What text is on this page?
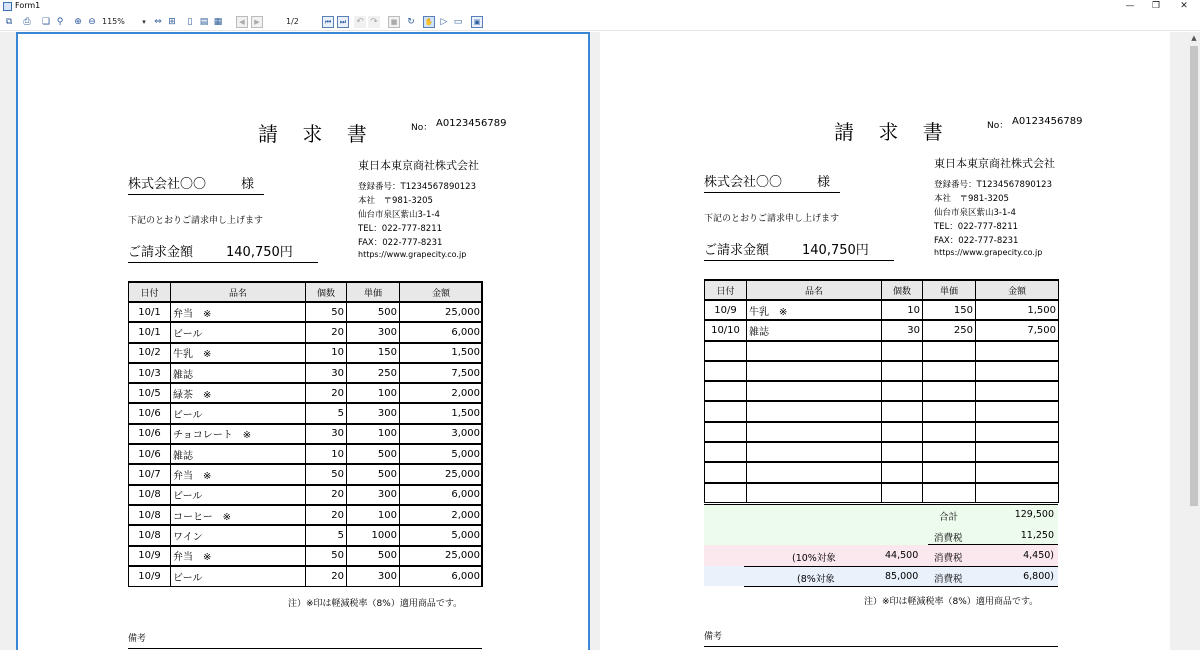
Form1	—	❐	✕
⧉	⎙ ❏ ⚲	⊕ ⊖ 115%	▾ ⇔ ⊞	▯ ▤ ▦	◀	▶	1/2	⏮	⏭	↶ ↷	■ ↻	✋ ▷ ▭	▣
請 求 書	No： A0123456789
株式会社〇〇	様
下記のとおりご請求申し上げます
ご請求金額	140,750円
東日本東京商社株式会社
登録番号：T1234567890123
本社　〒981-3205
仙台市泉区紫山3-1-4
TEL：022-777-8211
FAX：022-777-8231
https://www.grapecity.co.jp
日付	品名	個数	単価	金額
10/1	弁当　※	50	500	25,000
10/1	ビール	20	300	6,000
10/2	牛乳　※	10	150	1,500
10/3	雑誌	30	250	7,500
10/5	緑茶　※	20	100	2,000
10/6	ビール	5	300	1,500
10/6	チョコレート　※	30	100	3,000
10/6	雑誌	10	500	5,000
10/7	弁当　※	50	500	25,000
10/8	ビール	20	300	6,000
10/8	コーヒー　※	20	100	2,000
10/8	ワイン	5	1000	5,000
10/9	弁当　※	50	500	25,000
10/9	ビール	20	300	6,000
注）※印は軽減税率（8%）適用商品です。
備考
請 求 書	No： A0123456789
株式会社〇〇	様
下記のとおりご請求申し上げます
ご請求金額	140,750円
東日本東京商社株式会社
登録番号：T1234567890123
本社　〒981-3205
仙台市泉区紫山3-1-4
TEL：022-777-8211
FAX：022-777-8231
https://www.grapecity.co.jp
日付	品名	個数	単価	金額
10/9	牛乳　※	10	150	1,500
10/10	雑誌	30	250	7,500

合計	129,500
消費税	11,250
(10%対象	44,500 消費税	4,450)
(8%対象	85,000 消費税	6,800)
注）※印は軽減税率（8%）適用商品です。
備考
▲
